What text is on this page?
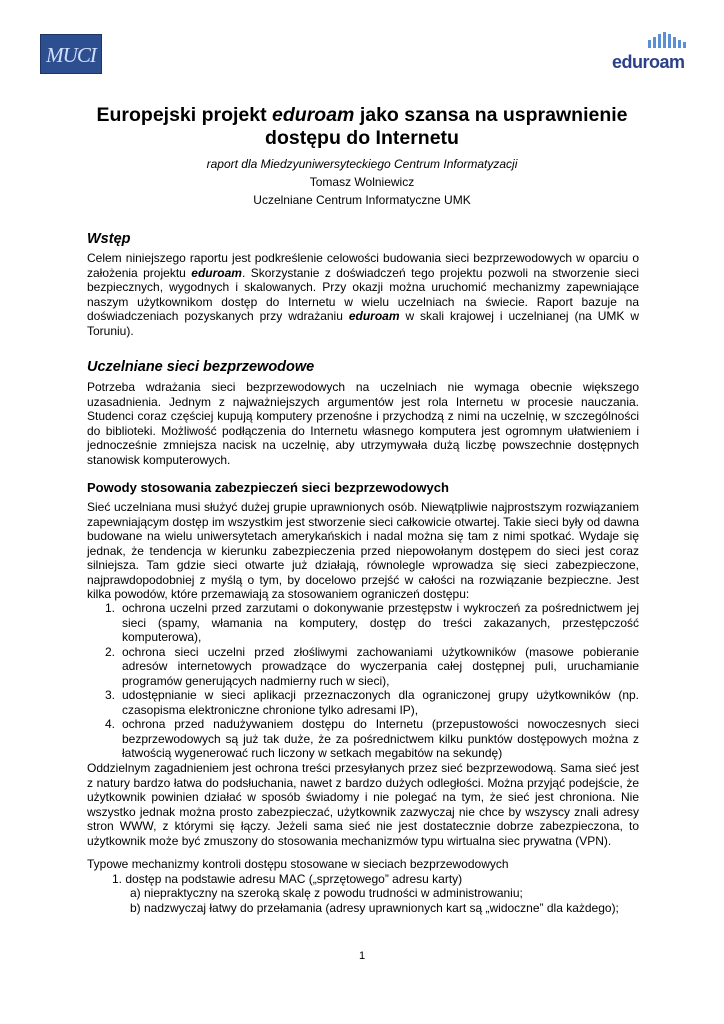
MUCI	eduroam
Europejski projekt eduroam jako szansa na usprawnienie
dostępu do Internetu
raport dla Miedzyuniwersyteckiego Centrum Informatyzacji
Tomasz Wolniewicz
Uczelniane Centrum Informatyczne UMK
Wstęp
Celem niniejszego raportu jest podkreślenie celowości budowania sieci bezprzewodowych w oparciu o założenia projektu eduroam. Skorzystanie z doświadczeń tego projektu pozwoli na stworzenie sieci bezpiecznych, wygodnych i skalowanych. Przy okazji można uruchomić mechanizmy zapewniające naszym użytkownikom dostęp do Internetu w wielu uczelniach na świecie. Raport bazuje na doświadczeniach pozyskanych przy wdrażaniu eduroam w skali krajowej i uczelnianej (na UMK w Toruniu).
Uczelniane sieci bezprzewodowe
Potrzeba wdrażania sieci bezprzewodowych na uczelniach nie wymaga obecnie większego uzasadnienia. Jednym z najważniejszych argumentów jest rola Internetu w procesie nauczania. Studenci coraz częściej kupują komputery przenośne i przychodzą z nimi na uczelnię, w szczególności do biblioteki. Możliwość podłączenia do Internetu własnego komputera jest ogromnym ułatwieniem i jednocześnie zmniejsza nacisk na uczelnię, aby utrzymywała dużą liczbę powszechnie dostępnych stanowisk komputerowych.
Powody stosowania zabezpieczeń sieci bezprzewodowych
Sieć uczelniana musi służyć dużej grupie uprawnionych osób. Niewątpliwie najprostszym rozwiązaniem zapewniającym dostęp im wszystkim jest stworzenie sieci całkowicie otwartej. Takie sieci były od dawna budowane na wielu uniwersytetach amerykańskich i nadal można się tam z nimi spotkać. Wydaje się jednak, że tendencja w kierunku zabezpieczenia przed niepowołanym dostępem do sieci jest coraz silniejsza. Tam gdzie sieci otwarte już działają, równolegle wprowadza się sieci zabezpieczone, najprawdopodobniej z myślą o tym, by docelowo przejść w całości na rozwiązanie bezpieczne. Jest kilka powodów, które przemawiają za stosowaniem ograniczeń dostępu:
1. ochrona uczelni przed zarzutami o dokonywanie przestępstw i wykroczeń za pośrednictwem jej sieci (spamy, włamania na komputery, dostęp do treści zakazanych, przestępczość komputerowa),
2. ochrona sieci uczelni przed złośliwymi zachowaniami użytkowników (masowe pobieranie adresów internetowych prowadzące do wyczerpania całej dostępnej puli, uruchamianie programów generujących nadmierny ruch w sieci),
3. udostępnianie w sieci aplikacji przeznaczonych dla ograniczonej grupy użytkowników (np. czasopisma elektroniczne chronione tylko adresami IP),
4. ochrona przed nadużywaniem dostępu do Internetu (przepustowości nowoczesnych sieci bezprzewodowych są już tak duże, że za pośrednictwem kilku punktów dostępowych można z łatwością wygenerować ruch liczony w setkach megabitów na sekundę)
Oddzielnym zagadnieniem jest ochrona treści przesyłanych przez sieć bezprzewodową. Sama sieć jest z natury bardzo łatwa do podsłuchania, nawet z bardzo dużych odległości. Można przyjąć podejście, że użytkownik powinien działać w sposób świadomy i nie polegać na tym, że sieć jest chroniona. Nie wszystko jednak można prosto zabezpieczać, użytkownik zazwyczaj nie chce by wszyscy znali adresy stron WWW, z którymi się łączy. Jeżeli sama sieć nie jest dostatecznie dobrze zabezpieczona, to użytkownik może być zmuszony do stosowania mechanizmów typu wirtualna siec prywatna (VPN).
Typowe mechanizmy kontroli dostępu stosowane w sieciach bezprzewodowych
1. dostęp na podstawie adresu MAC („sprzętowego” adresu karty)
a) niepraktyczny na szeroką skalę z powodu trudności w administrowaniu;
b) nadzwyczaj łatwy do przełamania (adresy uprawnionych kart są „widoczne” dla każdego);
1
